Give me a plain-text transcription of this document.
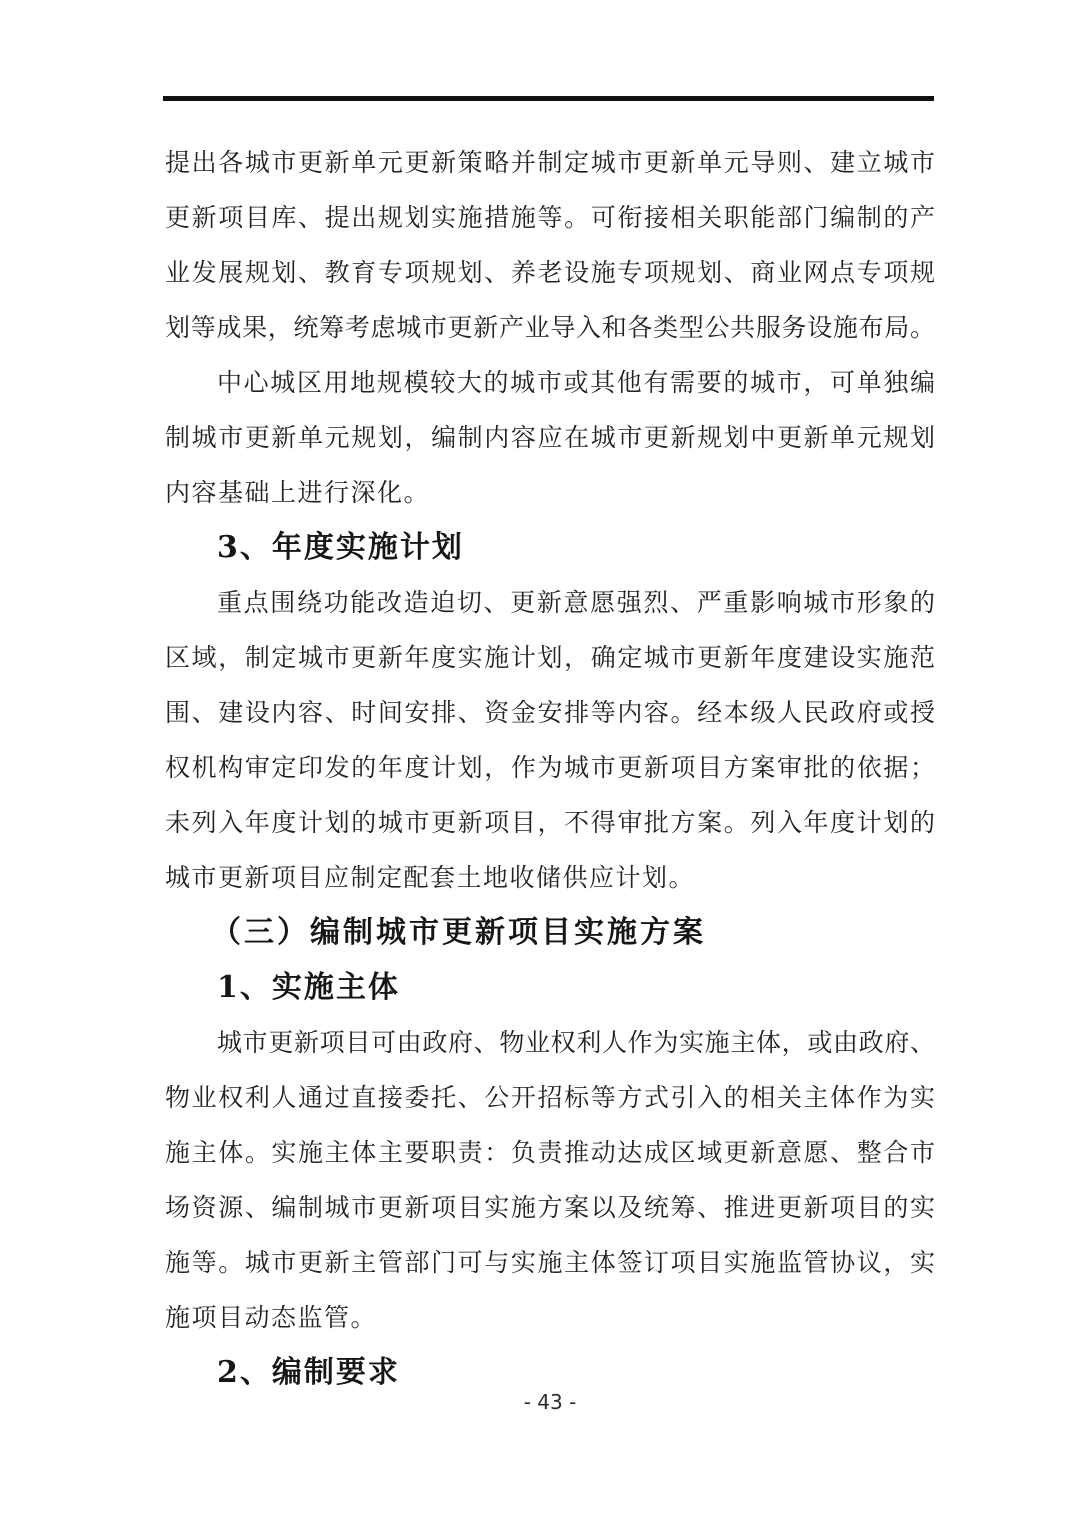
提出各城市更新单元更新策略并制定城市更新单元导则、建立城市
更新项目库、提出规划实施措施等。可衔接相关职能部门编制的产
业发展规划、教育专项规划、养老设施专项规划、商业网点专项规
划等成果，统筹考虑城市更新产业导入和各类型公共服务设施布局。
中心城区用地规模较大的城市或其他有需要的城市，可单独编
制城市更新单元规划，编制内容应在城市更新规划中更新单元规划
内容基础上进行深化。
3、年度实施计划
重点围绕功能改造迫切、更新意愿强烈、严重影响城市形象的
区域，制定城市更新年度实施计划，确定城市更新年度建设实施范
围、建设内容、时间安排、资金安排等内容。经本级人民政府或授
权机构审定印发的年度计划，作为城市更新项目方案审批的依据；
未列入年度计划的城市更新项目，不得审批方案。列入年度计划的
城市更新项目应制定配套土地收储供应计划。
（三）编制城市更新项目实施方案
1、实施主体
城市更新项目可由政府、物业权利人作为实施主体，或由政府、
物业权利人通过直接委托、公开招标等方式引入的相关主体作为实
施主体。实施主体主要职责：负责推动达成区域更新意愿、整合市
场资源、编制城市更新项目实施方案以及统筹、推进更新项目的实
施等。城市更新主管部门可与实施主体签订项目实施监管协议，实
施项目动态监管。
2、编制要求
- 43 -
